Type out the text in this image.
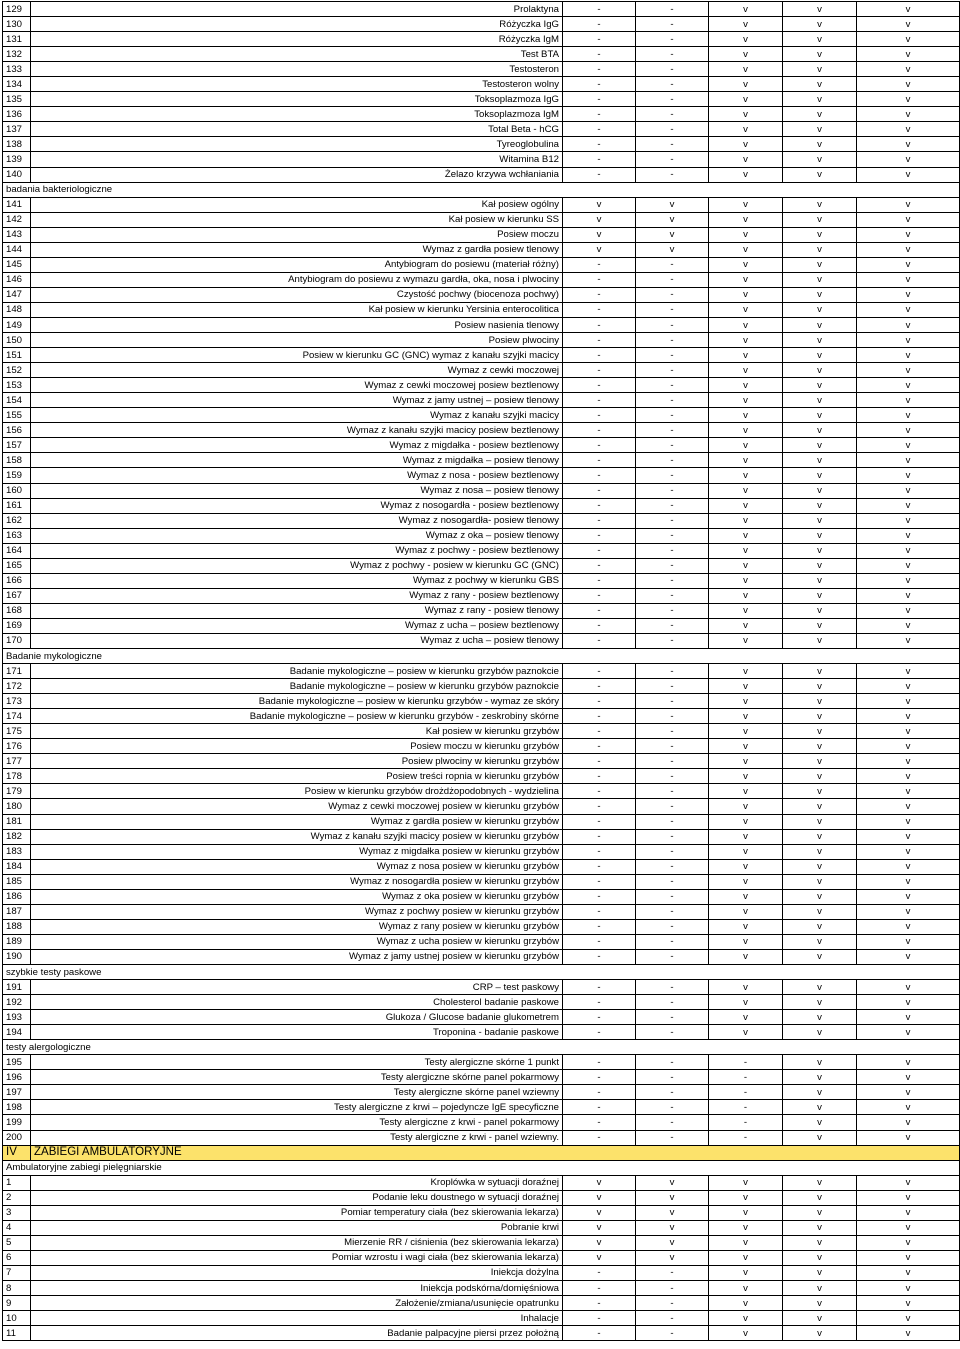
129	Prolaktyna	-	-	v	v	v
130	Różyczka IgG	-	-	v	v	v
131	Różyczka IgM	-	-	v	v	v
132	Test BTA	-	-	v	v	v
133	Testosteron	-	-	v	v	v
134	Testosteron wolny	-	-	v	v	v
135	Toksoplazmoza IgG	-	-	v	v	v
136	Toksoplazmoza IgM	-	-	v	v	v
137	Total Beta - hCG	-	-	v	v	v
138	Tyreoglobulina	-	-	v	v	v
139	Witamina B12	-	-	v	v	v
140	Żelazo krzywa wchłaniania	-	-	v	v	v
badania bakteriologiczne						
141	Kał posiew ogólny	v	v	v	v	v
142	Kał posiew w kierunku SS	v	v	v	v	v
143	Posiew moczu	v	v	v	v	v
144	Wymaz z gardła posiew tlenowy	v	v	v	v	v
145	Antybiogram do posiewu (materiał różny)	-	-	v	v	v
146	Antybiogram do posiewu z wymazu gardła, oka, nosa i plwociny	-	-	v	v	v
147	Czystość pochwy (biocenoza pochwy)	-	-	v	v	v
148	Kał posiew w kierunku Yersinia enterocolitica	-	-	v	v	v
149	Posiew nasienia tlenowy	-	-	v	v	v
150	Posiew plwociny	-	-	v	v	v
151	Posiew w kierunku GC (GNC) wymaz z kanału szyjki macicy	-	-	v	v	v
152	Wymaz z cewki moczowej	-	-	v	v	v
153	Wymaz z cewki moczowej posiew beztlenowy	-	-	v	v	v
154	Wymaz z jamy ustnej – posiew tlenowy	-	-	v	v	v
155	Wymaz z kanału szyjki macicy	-	-	v	v	v
156	Wymaz z kanału szyjki macicy posiew beztlenowy	-	-	v	v	v
157	Wymaz z migdałka - posiew beztlenowy	-	-	v	v	v
158	Wymaz z migdałka – posiew tlenowy	-	-	v	v	v
159	Wymaz z nosa - posiew beztlenowy	-	-	v	v	v
160	Wymaz z nosa – posiew tlenowy	-	-	v	v	v
161	Wymaz z nosogardła - posiew beztlenowy	-	-	v	v	v
162	Wymaz z nosogardła- posiew tlenowy	-	-	v	v	v
163	Wymaz z oka – posiew tlenowy	-	-	v	v	v
164	Wymaz z pochwy - posiew beztlenowy	-	-	v	v	v
165	Wymaz z pochwy - posiew w kierunku GC (GNC)	-	-	v	v	v
166	Wymaz z pochwy w kierunku GBS	-	-	v	v	v
167	Wymaz z rany - posiew beztlenowy	-	-	v	v	v
168	Wymaz z rany - posiew tlenowy	-	-	v	v	v
169	Wymaz z ucha – posiew beztlenowy	-	-	v	v	v
170	Wymaz z ucha – posiew tlenowy	-	-	v	v	v
Badanie mykologiczne						
171	Badanie mykologiczne – posiew w kierunku grzybów paznokcie	-	-	v	v	v
172	Badanie mykologiczne – posiew w kierunku grzybów paznokcie	-	-	v	v	v
173	Badanie mykologiczne – posiew w kierunku grzybów - wymaz ze skóry	-	-	v	v	v
174	Badanie mykologiczne – posiew w kierunku grzybów - zeskrobiny skórne	-	-	v	v	v
175	Kał posiew w kierunku grzybów	-	-	v	v	v
176	Posiew moczu w kierunku grzybów	-	-	v	v	v
177	Posiew plwociny w kierunku grzybów	-	-	v	v	v
178	Posiew treści ropnia w kierunku grzybów	-	-	v	v	v
179	Posiew w kierunku grzybów drożdżopodobnych - wydzielina	-	-	v	v	v
180	Wymaz z cewki moczowej posiew w kierunku grzybów	-	-	v	v	v
181	Wymaz z gardła posiew w kierunku grzybów	-	-	v	v	v
182	Wymaz z kanału szyjki macicy posiew w kierunku grzybów	-	-	v	v	v
183	Wymaz z migdałka posiew w kierunku grzybów	-	-	v	v	v
184	Wymaz z nosa posiew w kierunku grzybów	-	-	v	v	v
185	Wymaz z nosogardła posiew w kierunku grzybów	-	-	v	v	v
186	Wymaz z oka posiew w kierunku grzybów	-	-	v	v	v
187	Wymaz z pochwy posiew w kierunku grzybów	-	-	v	v	v
188	Wymaz z rany posiew w kierunku grzybów	-	-	v	v	v
189	Wymaz z ucha posiew w kierunku grzybów	-	-	v	v	v
190	Wymaz z jamy ustnej posiew w kierunku grzybów	-	-	v	v	v
szybkie testy paskowe						
191	CRP – test paskowy	-	-	v	v	v
192	Cholesterol badanie paskowe	-	-	v	v	v
193	Glukoza / Glucose badanie glukometrem	-	-	v	v	v
194	Troponina - badanie paskowe	-	-	v	v	v
testy alergologiczne						
195	Testy alergiczne skórne 1 punkt	-	-	-	v	v
196	Testy alergiczne skórne panel pokarmowy	-	-	-	v	v
197	Testy alergiczne skórne panel wziewny	-	-	-	v	v
198	Testy alergiczne z krwi – pojedyncze IgE specyficzne	-	-	-	v	v
199	Testy alergiczne z krwi - panel pokarmowy	-	-	-	v	v
200	Testy alergiczne z krwi - panel wziewny.	-	-	-	v	v
IV	ZABIEGI AMBULATORYJNE					
Ambulatoryjne zabiegi pielęgniarskie						
1	Kroplówka w sytuacji doraźnej	v	v	v	v	v
2	Podanie leku doustnego w sytuacji doraźnej	v	v	v	v	v
3	Pomiar temperatury ciała (bez skierowania lekarza)	v	v	v	v	v
4	Pobranie krwi	v	v	v	v	v
5	Mierzenie RR / ciśnienia (bez skierowania lekarza)	v	v	v	v	v
6	Pomiar wzrostu i wagi ciała (bez skierowania lekarza)	v	v	v	v	v
7	Iniekcja dożylna	-	-	v	v	v
8	Iniekcja podskórna/domięśniowa	-	-	v	v	v
9	Założenie/zmiana/usunięcie opatrunku	-	-	v	v	v
10	Inhalacje	-	-	v	v	v
11	Badanie palpacyjne piersi przez położną	-	-	v	v	v
